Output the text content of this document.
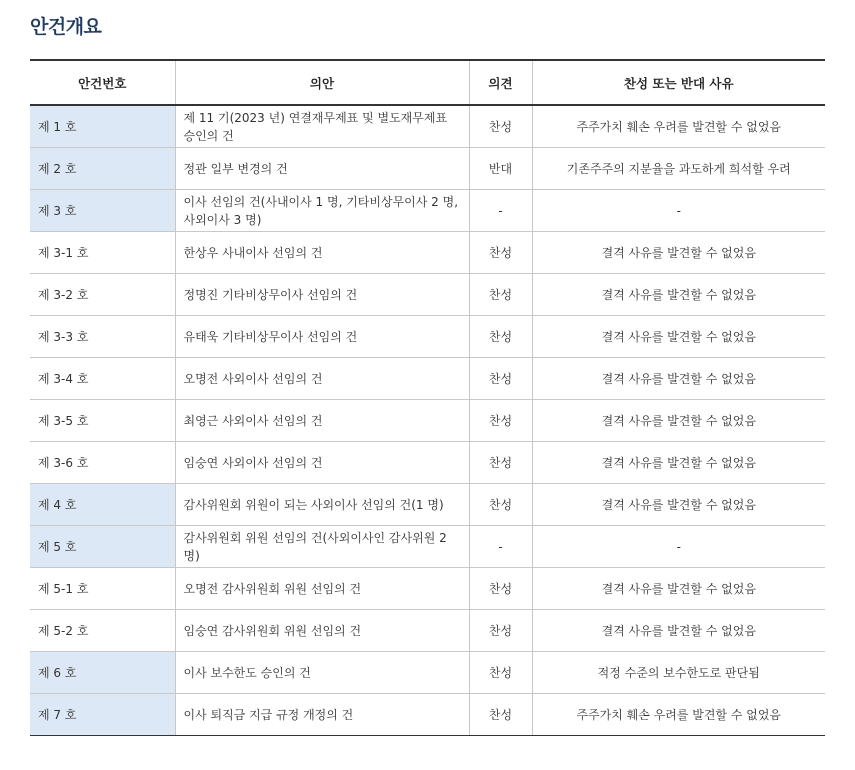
안건개요
안건번호	의안	의견	찬성 또는 반대 사유
제 1 호	제 11 기(2023 년) 연결재무제표 및 별도재무제표 승인의 건	찬성	주주가치 훼손 우려를 발견할 수 없었음
제 2 호	정관 일부 변경의 건	반대	기존주주의 지분율을 과도하게 희석할 우려
제 3 호	이사 선임의 건(사내이사 1 명, 기타비상무이사 2 명, 사외이사 3 명)	-	-
제 3-1 호	한상우 사내이사 선임의 건	찬성	결격 사유를 발견할 수 없었음
제 3-2 호	정명진 기타비상무이사 선임의 건	찬성	결격 사유를 발견할 수 없었음
제 3-3 호	유태욱 기타비상무이사 선임의 건	찬성	결격 사유를 발견할 수 없었음
제 3-4 호	오명전 사외이사 선임의 건	찬성	결격 사유를 발견할 수 없었음
제 3-5 호	최영근 사외이사 선임의 건	찬성	결격 사유를 발견할 수 없었음
제 3-6 호	임숭연 사외이사 선임의 건	찬성	결격 사유를 발견할 수 없었음
제 4 호	감사위원회 위원이 되는 사외이사 선임의 건(1 명)	찬성	결격 사유를 발견할 수 없었음
제 5 호	감사위원회 위원 선임의 건(사외이사인 감사위원 2 명)	-	-
제 5-1 호	오명전 감사위원회 위원 선임의 건	찬성	결격 사유를 발견할 수 없었음
제 5-2 호	임숭연 감사위원회 위원 선임의 건	찬성	결격 사유를 발견할 수 없었음
제 6 호	이사 보수한도 승인의 건	찬성	적정 수준의 보수한도로 판단됨
제 7 호	이사 퇴직금 지급 규정 개정의 건	찬성	주주가치 훼손 우려를 발견할 수 없었음
